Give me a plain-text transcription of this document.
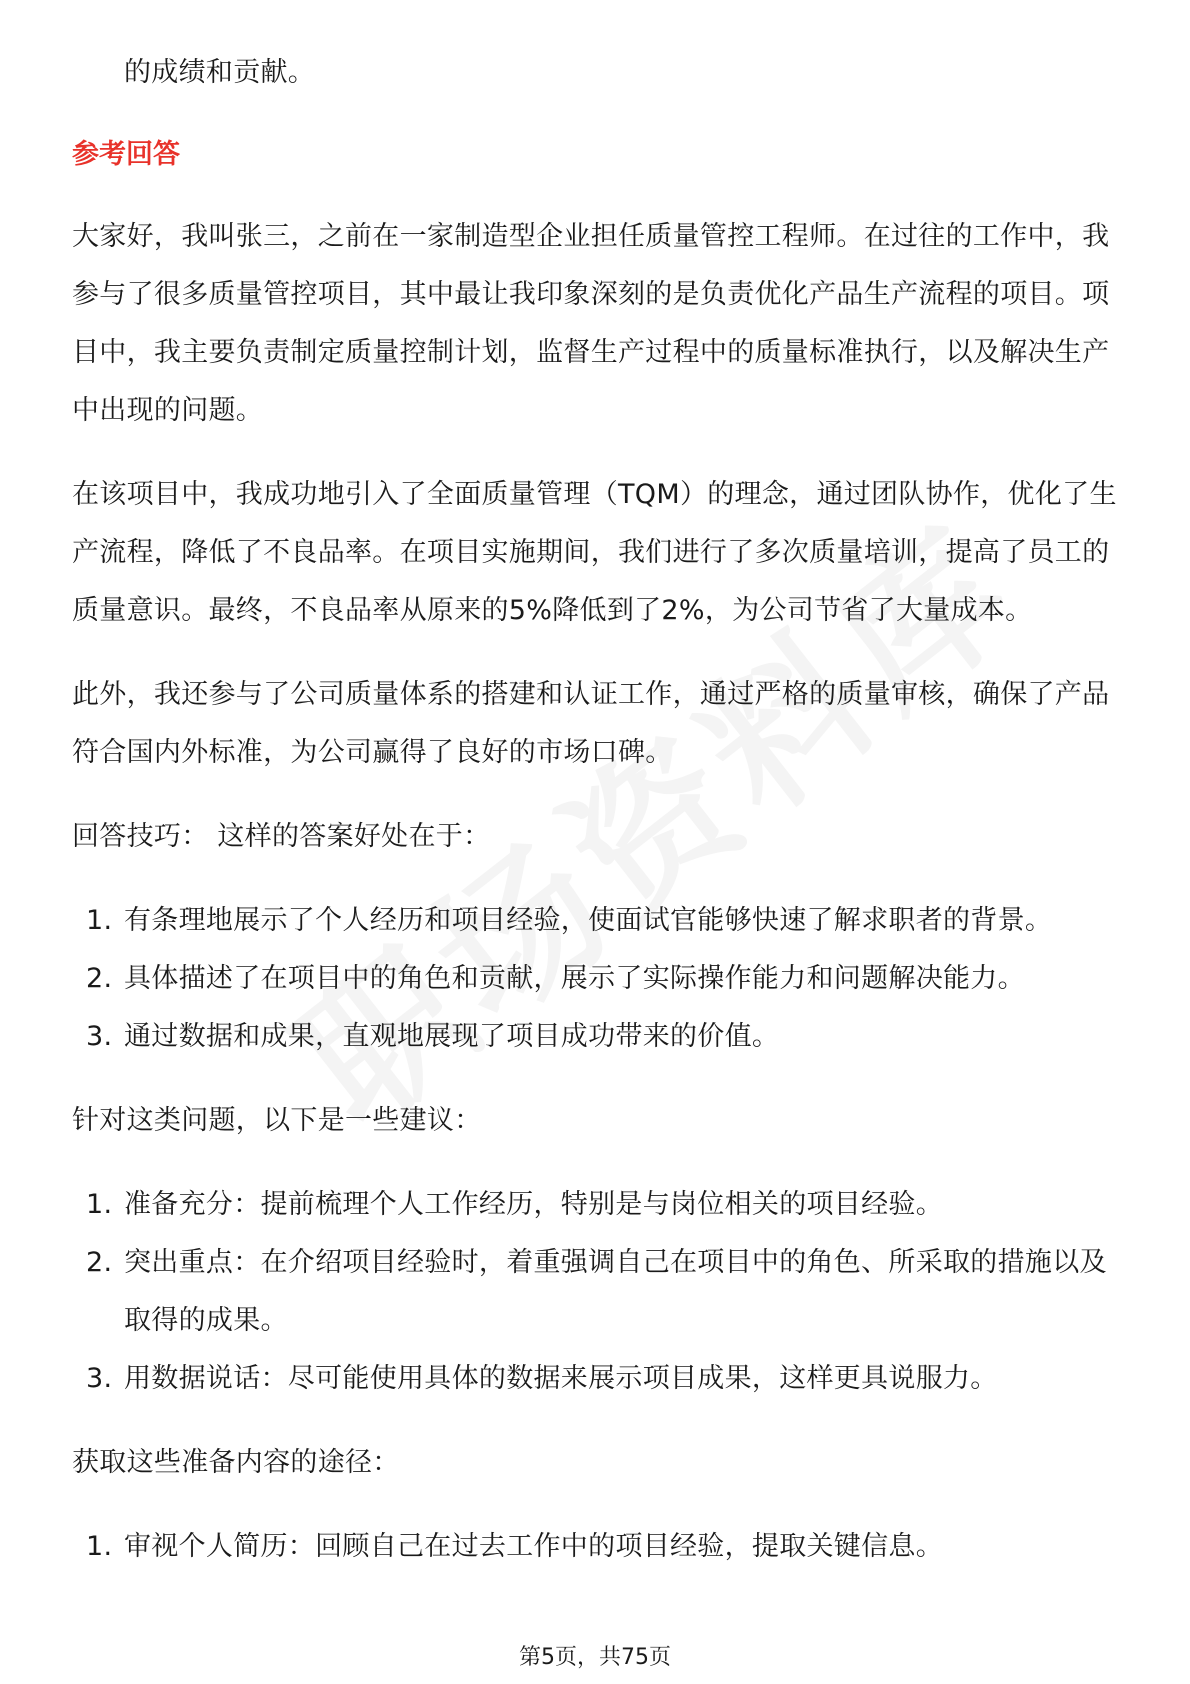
的成绩和贡献。
参考回答
大家好，我叫张三，之前在一家制造型企业担任质量管控工程师。在过往的工作中，我参与了很多质量管控项目，其中最让我印象深刻的是负责优化产品生产流程的项目。项目中，我主要负责制定质量控制计划，监督生产过程中的质量标准执行，以及解决生产中出现的问题。
在该项目中，我成功地引入了全面质量管理（TQM）的理念，通过团队协作，优化了生产流程，降低了不良品率。在项目实施期间，我们进行了多次质量培训，提高了员工的质量意识。最终，不良品率从原来的5%降低到了2%，为公司节省了大量成本。
此外，我还参与了公司质量体系的搭建和认证工作，通过严格的质量审核，确保了产品符合国内外标准，为公司赢得了良好的市场口碑。
回答技巧： 这样的答案好处在于：
1. 有条理地展示了个人经历和项目经验，使面试官能够快速了解求职者的背景。
2. 具体描述了在项目中的角色和贡献，展示了实际操作能力和问题解决能力。
3. 通过数据和成果，直观地展现了项目成功带来的价值。
针对这类问题，以下是一些建议：
1. 准备充分：提前梳理个人工作经历，特别是与岗位相关的项目经验。
2. 突出重点：在介绍项目经验时，着重强调自己在项目中的角色、所采取的措施以及取得的成果。
3. 用数据说话：尽可能使用具体的数据来展示项目成果，这样更具说服力。
获取这些准备内容的途径：
1. 审视个人简历：回顾自己在过去工作中的项目经验，提取关键信息。
第5页，共75页
